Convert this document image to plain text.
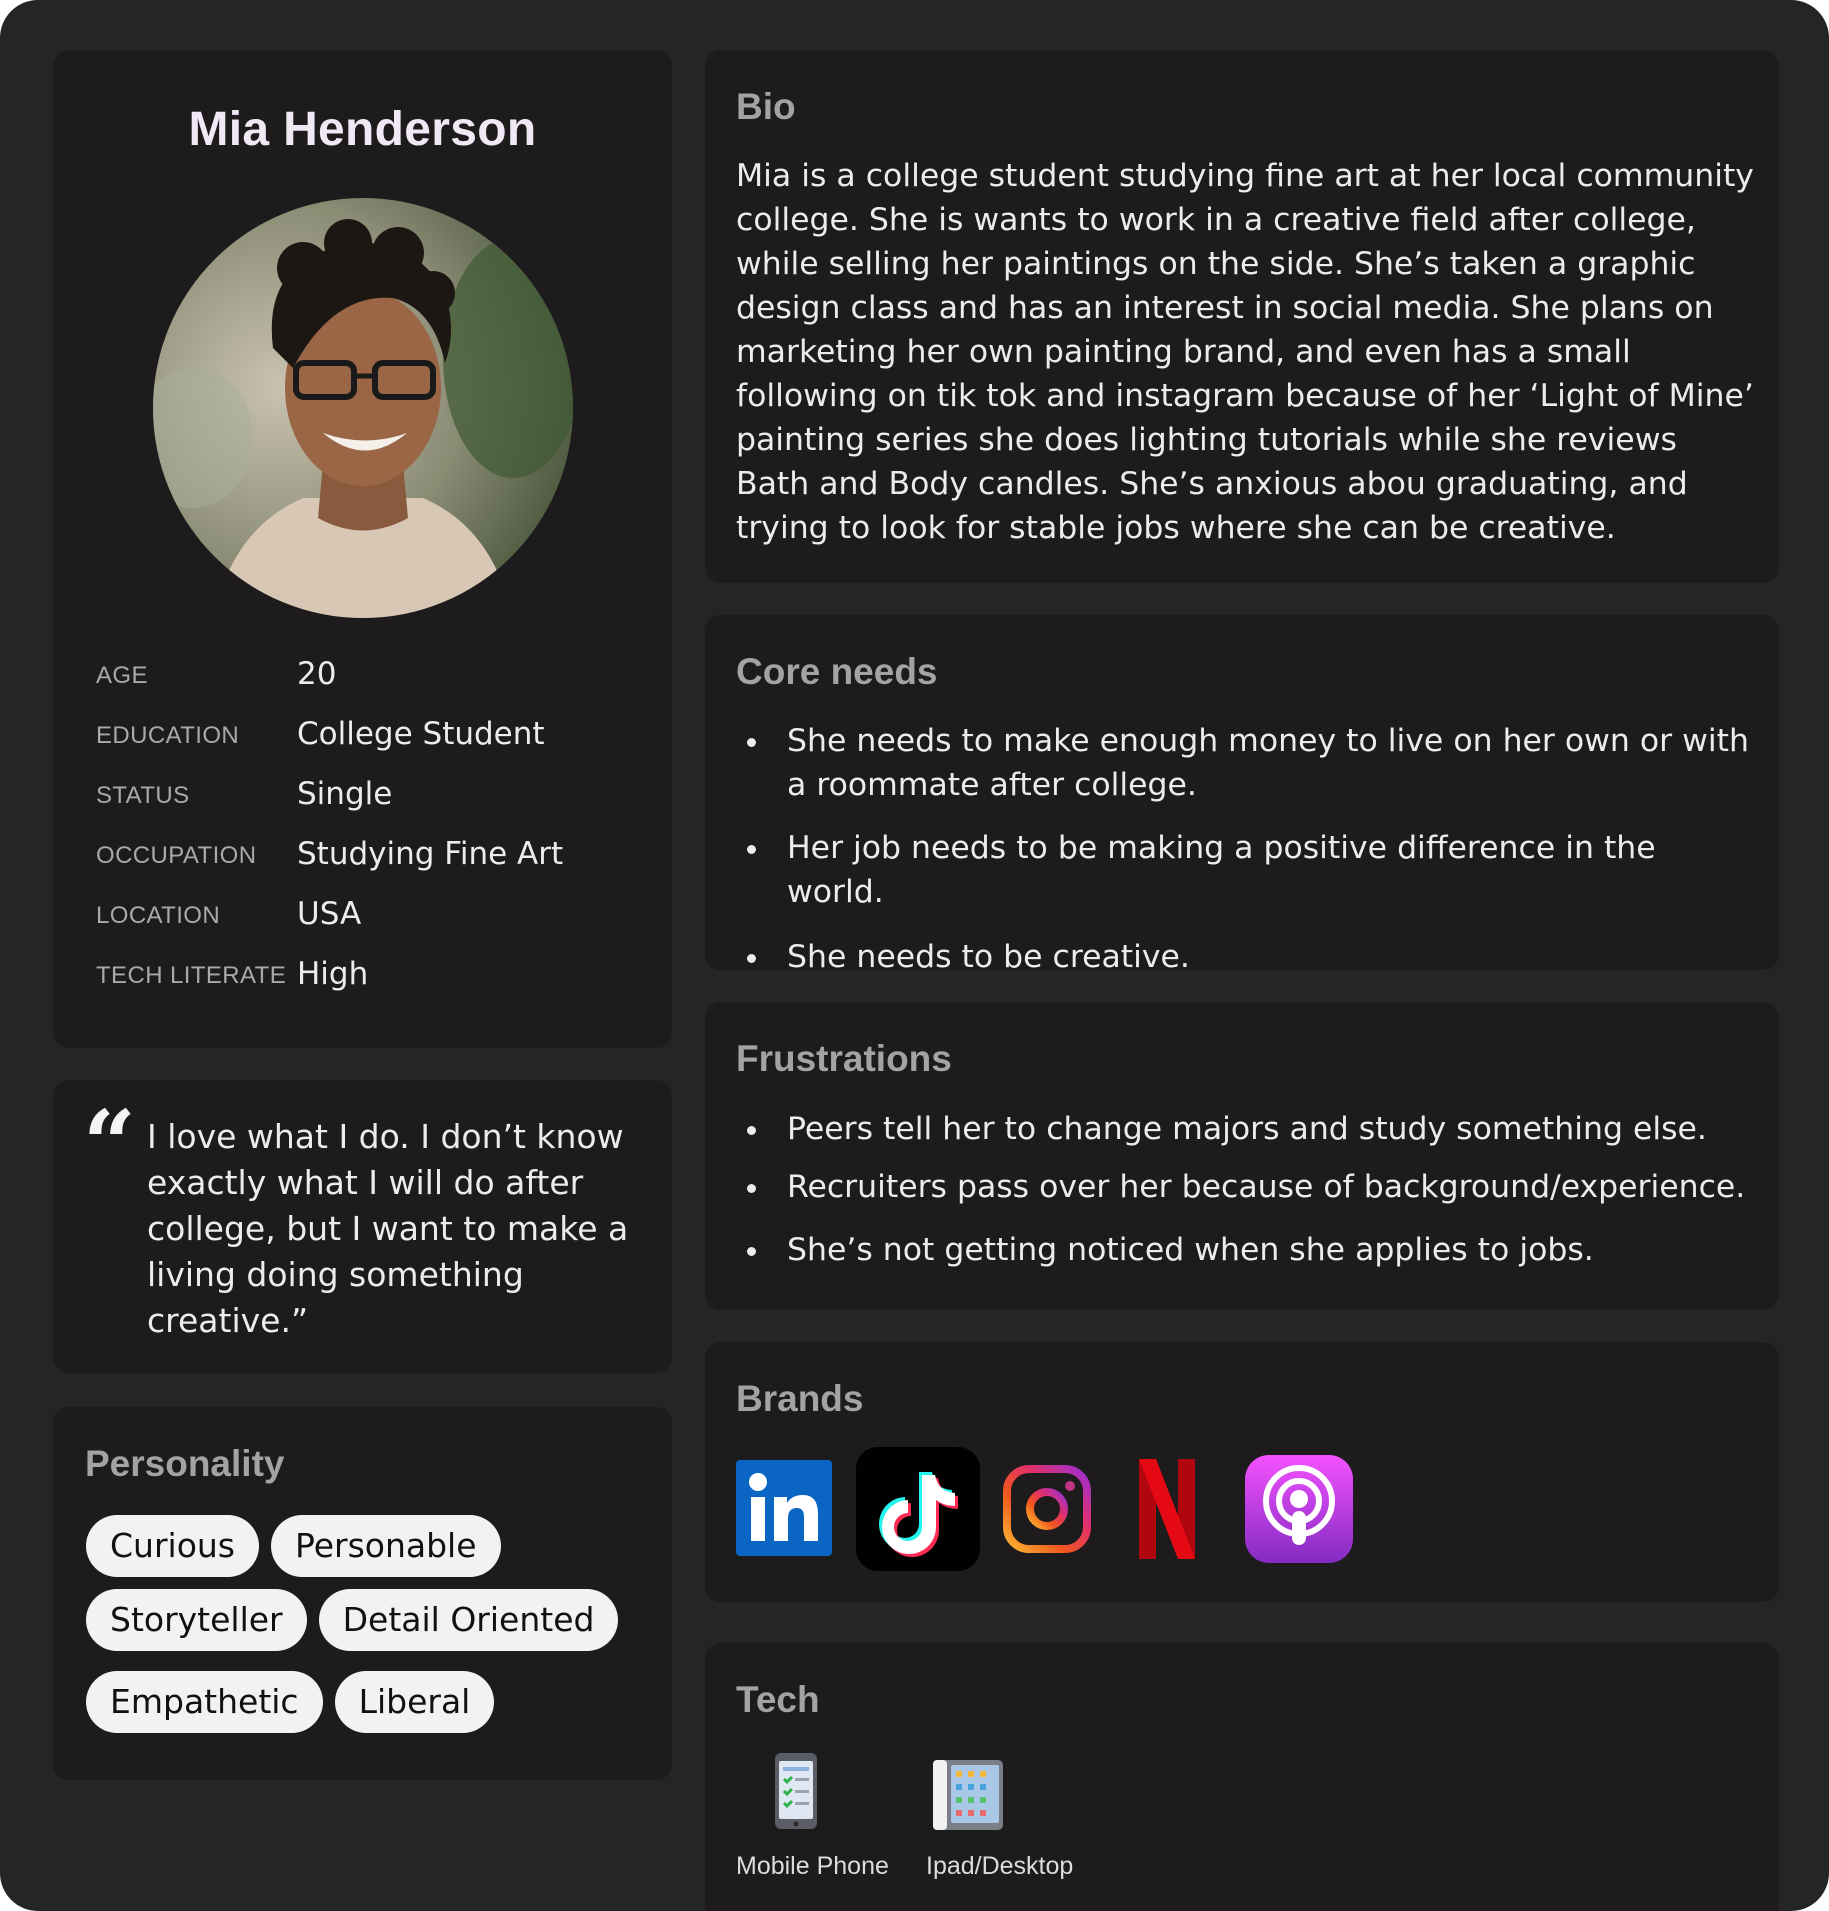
Mia Henderson
AGE	20
EDUCATION College Student
STATUS	Single
OCCUPATION Studying Fine Art
LOCATION USA
TECH LITERATE High
“ I love what I do. I don’t know exactly what I will do after college, but I want to make a living doing something creative.”
Personality
Curious	Personable
Storyteller	Detail Oriented
Empathetic	Liberal
Bio
Mia is a college student studying fine art at her local community college. She is wants to work in a creative field after college, while selling her paintings on the side. She’s taken a graphic design class and has an interest in social media. She plans on marketing her own painting brand, and even has a small following on tik tok and instagram because of her ‘Light of Mine’ painting series she does lighting tutorials while she reviews Bath and Body candles. She’s anxious abou graduating, and trying to look for stable jobs where she can be creative.
Core needs
She needs to make enough money to live on her own or with a roommate after college.
Her job needs to be making a positive difference in the world.
She needs to be creative.
Frustrations
Peers tell her to change majors and study something else.
Recruiters pass over her because of background/experience.
She’s not getting noticed when she applies to jobs.
Brands
Tech
Mobile Phone Ipad/Desktop
